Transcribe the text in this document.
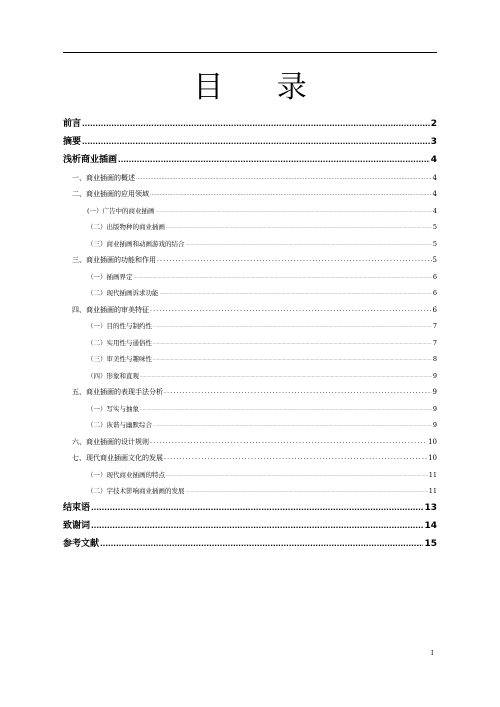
目 录
前言 .....	2
摘要 .....	3
浅析商业插画 .....	4
一、商业插画的概述 .....	4
二、商业插画的应用领域 .....	4
(一）广告中的商业插画 .....	4
（二）出版物种的商业插画 .....	5
（三）商业插画和动画游戏的结合 .....	5
三、商业插画的功能和作用 .....	5
（一）插画界定 .....	6
（二）现代插画诉求功能 .....	6
四、商业插画的审美特征 .....	6
（一）目的性与制约性 .....	7
（二）实用性与通俗性 .....	7
（三）审美性与趣味性 .....	8
（四）形象和直观 .....	9
五、商业插画的表现手法分析 .....	9
（一）写实与抽象 .....	9
（二）诙谐与幽默综合 .....	9
六、商业插画的设计规则 .....	10
七、现代商业插画文化的发展 .....	10
（一）现代商业插画的特点 .....	11
（二）字技术影响商业插画的发展 .....	11
结束语 .....	13
致谢词 .....	14
参考文献 .....	15
I
